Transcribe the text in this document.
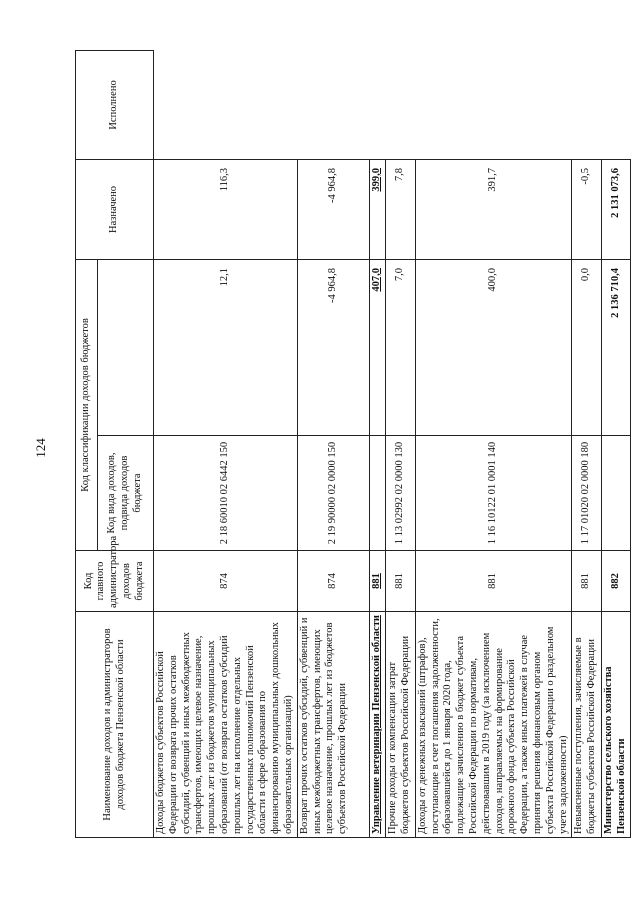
124
Наименование доходов и администраторов доходов бюджета Пензенской области	Код главного администратора доходов бюджета	Код классификации доходов бюджетов		Назначено	Исполнено
		Код вида доходов, подвида доходов бюджета		
Доходы бюджетов субъектов Российской Федерации от возврата прочих остатков субсидий, субвенций и иных межбюджетных трансфертов, имеющих целевое назначение, прошлых лет из бюджетов муниципальных образований (от возврата остатков субсидий прошлых лет на исполнение отдельных государственных полномочий Пензенской области в сфере образования по финансированию муниципальных дошкольных образовательных организаций)	874	2 18 60010 02 6442 150	12,1	116,3	
Возврат прочих остатков субсидий, субвенций и иных межбюджетных трансфертов, имеющих целевое назначение, прошлых лет из бюджетов субъектов Российской Федерации	874	2 19 90000 02 0000 150	-4 964,8	-4 964,8	
Управление ветеринарии Пензенской области	881		407,0	399,0	
Прочие доходы от компенсации затрат бюджетов субъектов Российской Федерации	881	1 13 02992 02 0000 130	7,0	7,8	
Доходы от денежных взысканий (штрафов), поступающие в счет погашения задолженности, образовавшейся до 1 января 2020 года, подлежащие зачислению в бюджет субъекта Российской Федерации по нормативам, действовавшим в 2019 году (за исключением доходов, направляемых на формирование дорожного фонда субъекта Российской Федерации, а также иных платежей в случае принятия решения финансовым органом субъекта Российской Федерации о раздельном учете задолженности)	881	1 16 10122 01 0001 140	400,0	391,7	
Невыясненные поступления, зачисляемые в бюджеты субъектов Российской Федерации	881	1 17 01020 02 0000 180	0,0	-0,5	
Министерство сельского хозяйства Пензенской области	882		2 136 710,4	2 131 073,6	
